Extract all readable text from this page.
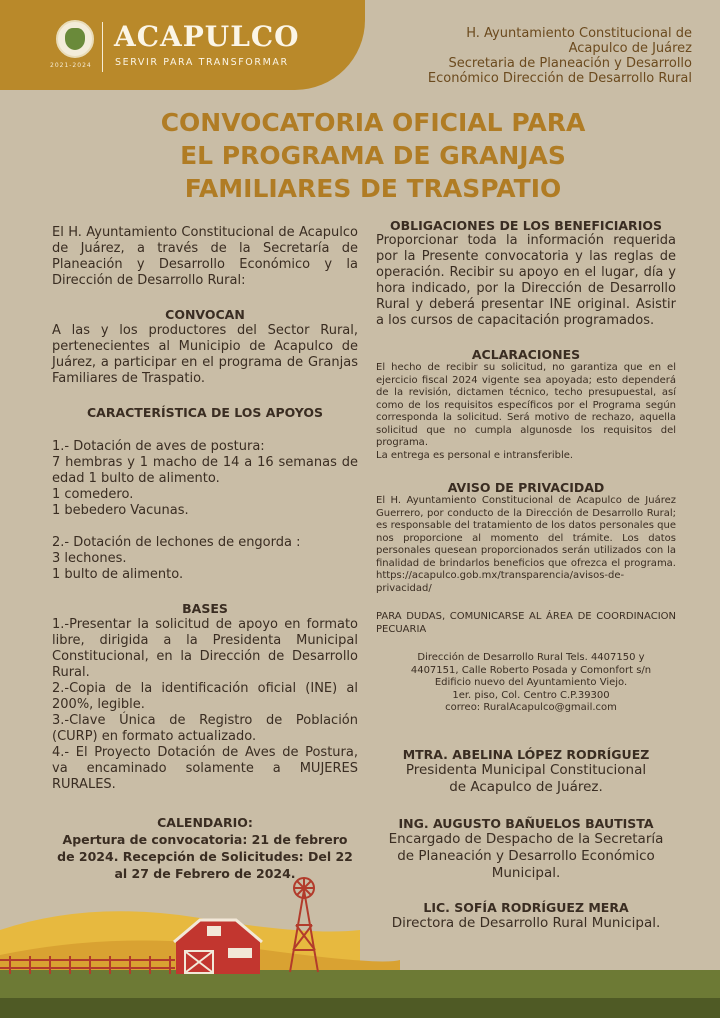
2021-2024
ACAPULCO
SERVIR PARA TRANSFORMAR
H. Ayuntamiento Constitucional de
Acapulco de Juárez
Secretaria de Planeación y Desarrollo
Económico Dirección de Desarrollo Rural
CONVOCATORIA OFICIAL PARA
EL PROGRAMA DE GRANJAS
FAMILIARES DE TRASPATIO

El H. Ayuntamiento Constitucional de Acapulco de Juárez, a través de la Secretaría de Planeación y Desarrollo Económico y la Dirección de Desarrollo Rural:

CONVOCAN

A las y los productores del Sector Rural, pertenecientes al Municipio de Acapulco de Juárez, a participar en el programa de Granjas Familiares de Traspatio.

CARACTERÍSTICA DE LOS APOYOS

1.- Dotación de aves de postura:

7 hembras y 1 macho de 14 a 16 semanas de edad 1 bulto de alimento.

1 comedero.

1 bebedero Vacunas.

2.- Dotación de lechones de engorda :

3 lechones.

1 bulto de alimento.

BASES

1.-Presentar la solicitud de apoyo en formato libre, dirigida a la Presidenta Municipal Constitucional, en la Dirección de Desarrollo Rural.

2.-Copia de la identificación oficial (INE) al 200%, legible.

3.-Clave Única de Registro de Población (CURP) en formato actualizado.

4.- El Proyecto Dotación de Aves de Postura, va encaminado solamente a MUJERES RURALES.

CALENDARIO:

Apertura de convocatoria: 21 de febrero de 2024. Recepción de Solicitudes: Del 22 al 27 de Febrero de 2024.

OBLIGACIONES DE LOS BENEFICIARIOS

Proporcionar toda la información requerida por la Presente convocatoria y las reglas de operación. Recibir su apoyo en el lugar, día y hora indicado, por la Dirección de Desarrollo Rural y deberá presentar INE original. Asistir a los cursos de capacitación programados.

ACLARACIONES

El hecho de recibir su solicitud, no garantiza que en el ejercicio fiscal 2024 vigente sea apoyada; esto dependerá de la revisión, dictamen técnico, techo presupuestal, así como de los requisitos específicos por el Programa según corresponda la solicitud. Será motivo de rechazo, aquella solicitud que no cumpla algunosde los requisitos del programa.

La entrega es personal e intransferible.

AVISO DE PRIVACIDAD

El H. Ayuntamiento Constitucional de Acapulco de Juárez Guerrero, por conducto de la Dirección de Desarrollo Rural; es responsable del tratamiento de los datos personales que nos proporcione al momento del trámite. Los datos personales quesean proporcionados serán utilizados con la finalidad de brindarlos beneficios que ofrezca el programa. https://acapulco.gob.mx/transparencia/avisos-de- privacidad/

PARA DUDAS, COMUNICARSE AL ÁREA DE COORDINACION PECUARIA

Dirección de Desarrollo Rural Tels. 4407150 y

4407151, Calle Roberto Posada y Comonfort s/n

Edificio nuevo del Ayuntamiento Viejo.

1er. piso, Col. Centro C.P.39300

correo: RuralAcapulco@gmail.com

MTRA. ABELINA LÓPEZ RODRÍGUEZ

Presidenta Municipal Constitucional

de Acapulco de Juárez.

ING. AUGUSTO BAÑUELOS BAUTISTA

Encargado de Despacho de la Secretaría

de Planeación y Desarrollo Económico

Municipal.

LIC. SOFÍA RODRÍGUEZ MERA

Directora de Desarrollo Rural Municipal.
